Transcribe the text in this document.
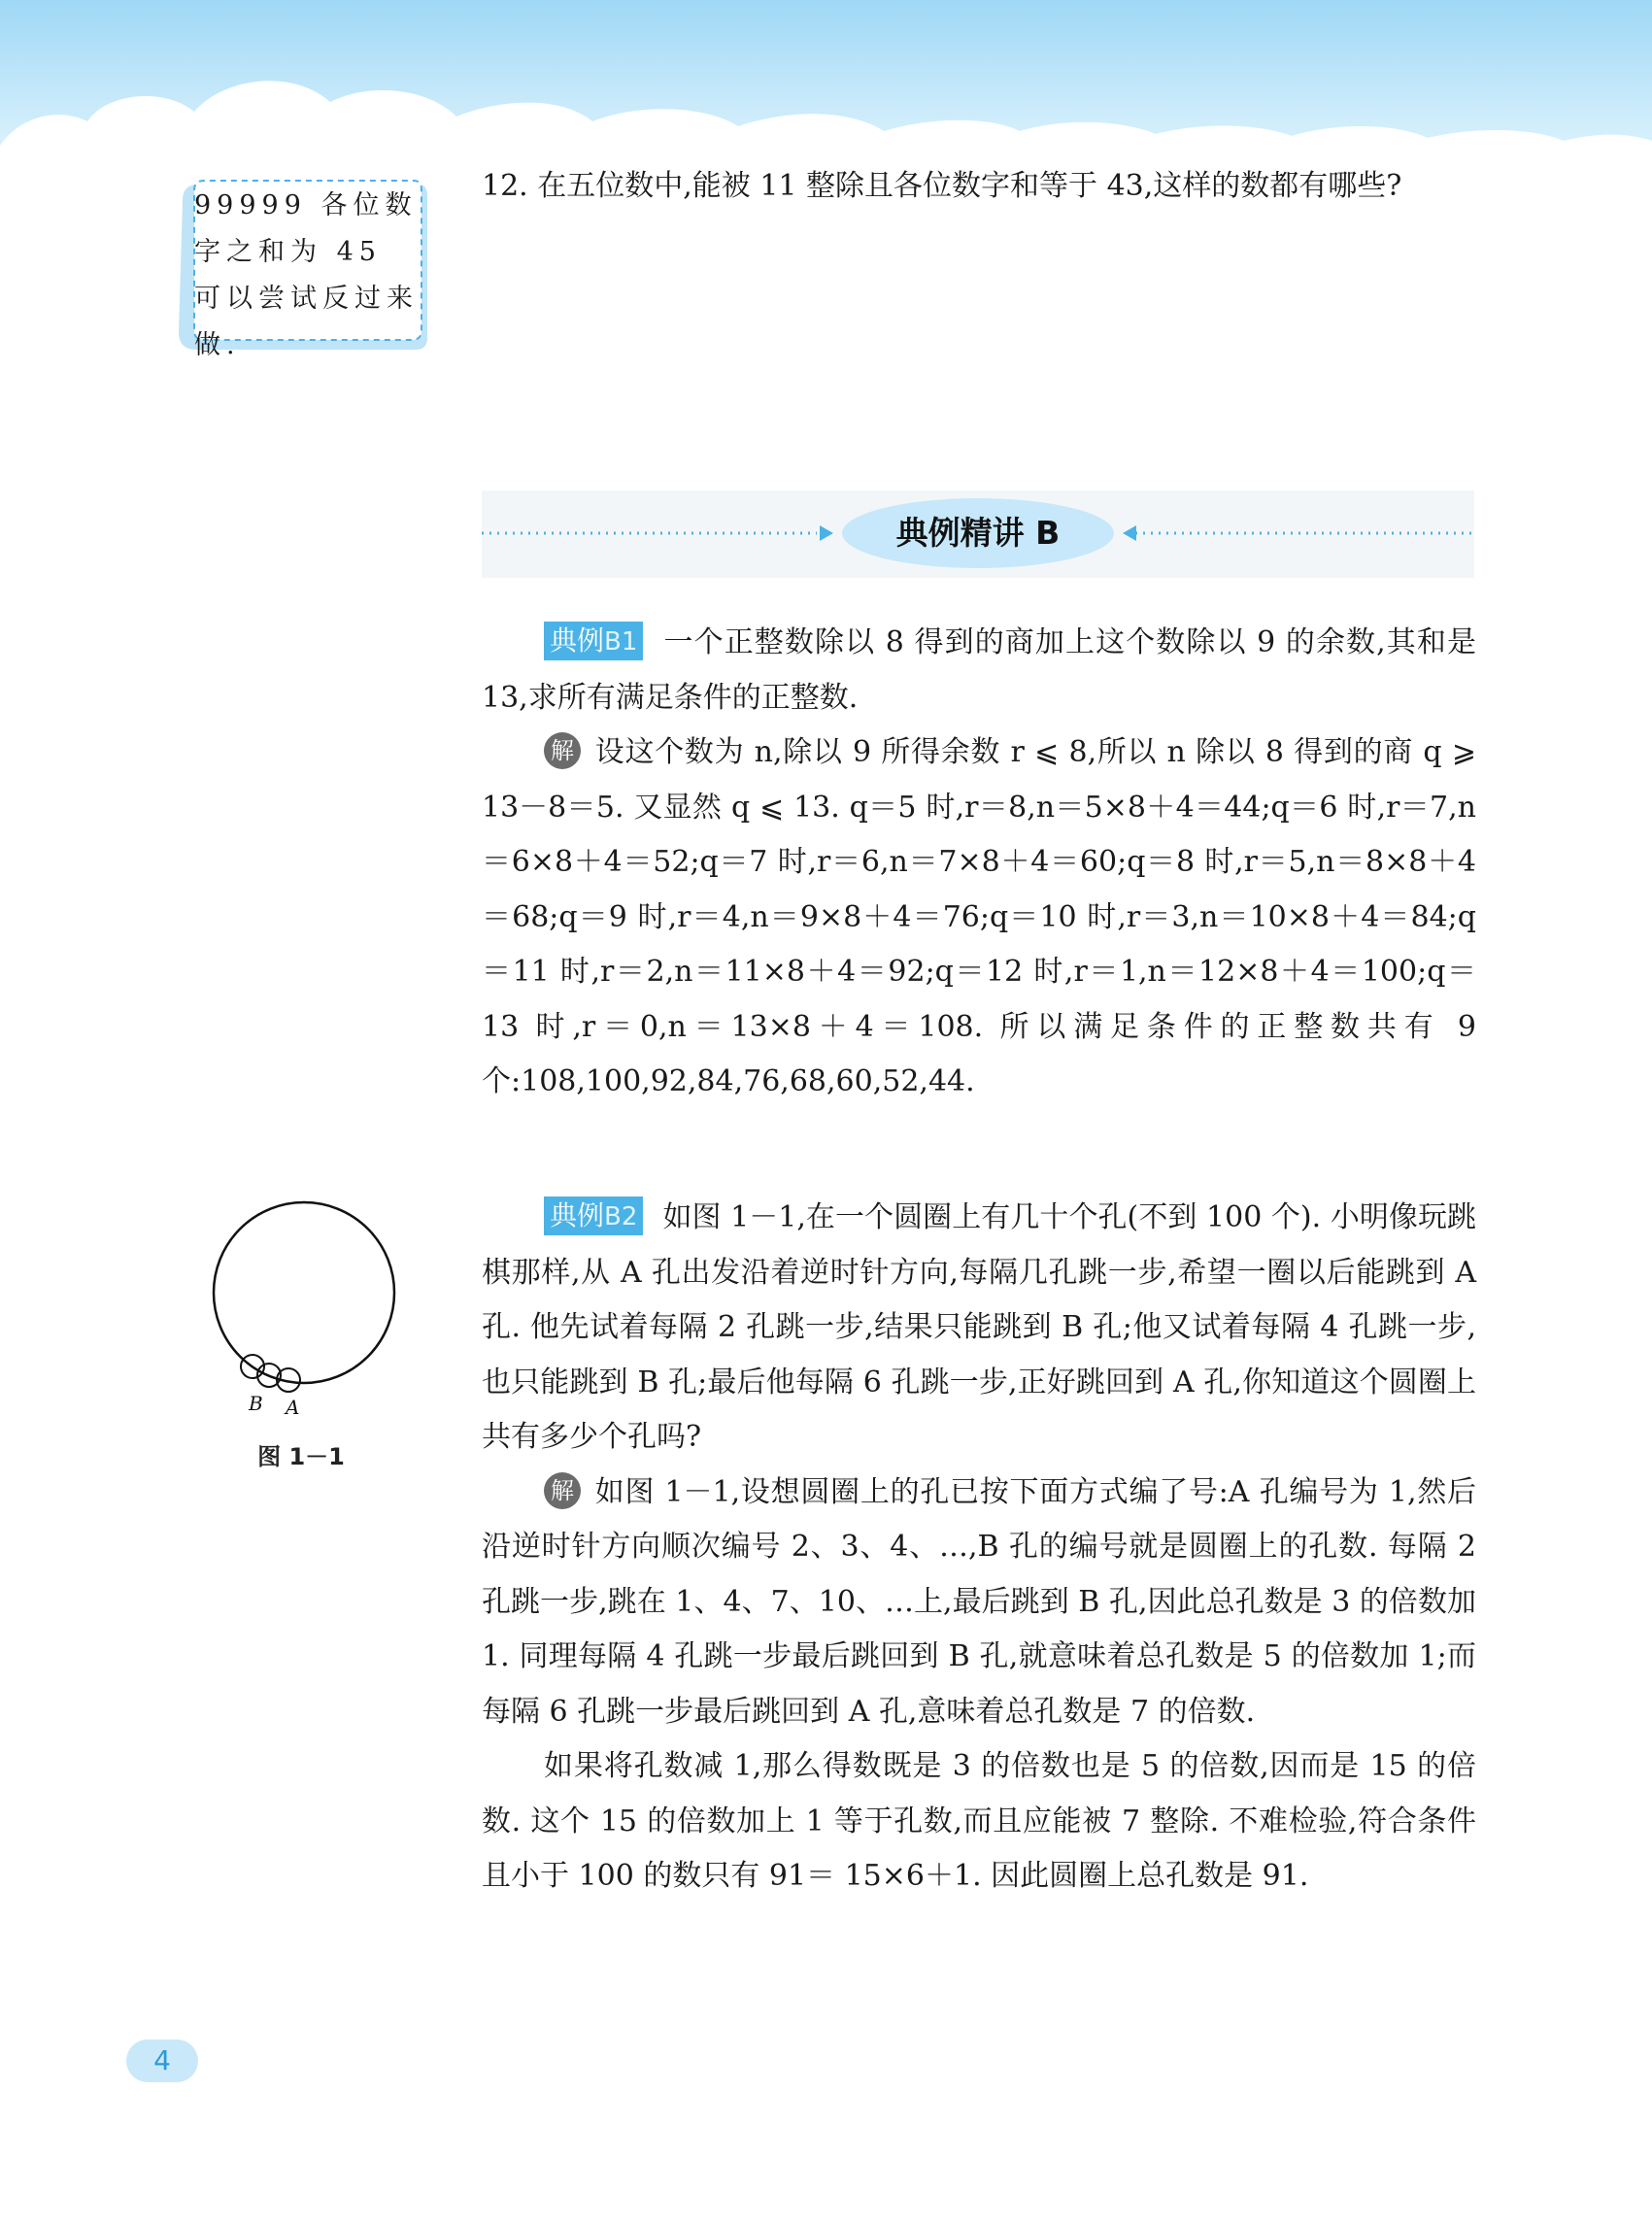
99999 各位数字之和为 45 可以尝试反过来做.
12. 在五位数中,能被 11 整除且各位数字和等于 43,这样的数都有哪些?
典例精讲 B

典例B1 一个正整数除以 8 得到的商加上这个数除以 9 的余数,其和是 13,求所有满足条件的正整数.

解 设这个数为 n,除以 9 所得余数 r ⩽ 8,所以 n 除以 8 得到的商 q ⩾ 13－8＝5. 又显然 q ⩽ 13. q＝5 时,r＝8,n＝5×8＋4＝44;q＝6 时,r＝7,n＝6×8＋4＝52;q＝7 时,r＝6,n＝7×8＋4＝60;q＝8 时,r＝5,n＝8×8＋4＝68;q＝9 时,r＝4,n＝9×8＋4＝76;q＝10 时,r＝3,n＝10×8＋4＝84;q＝11 时,r＝2,n＝11×8＋4＝92;q＝12 时,r＝1,n＝12×8＋4＝100;q＝13 时,r＝0,n＝13×8＋4＝108. 所以满足条件的正整数共有 9 个:108,100,92,84,76,68,60,52,44.

B A
图 1－1

典例B2 如图 1－1,在一个圆圈上有几十个孔(不到 100 个). 小明像玩跳棋那样,从 A 孔出发沿着逆时针方向,每隔几孔跳一步,希望一圈以后能跳到 A 孔. 他先试着每隔 2 孔跳一步,结果只能跳到 B 孔;他又试着每隔 4 孔跳一步,也只能跳到 B 孔;最后他每隔 6 孔跳一步,正好跳回到 A 孔,你知道这个圆圈上共有多少个孔吗?

解 如图 1－1,设想圆圈上的孔已按下面方式编了号:A 孔编号为 1,然后沿逆时针方向顺次编号 2、3、4、…,B 孔的编号就是圆圈上的孔数. 每隔 2 孔跳一步,跳在 1、4、7、10、…上,最后跳到 B 孔,因此总孔数是 3 的倍数加 1. 同理每隔 4 孔跳一步最后跳回到 B 孔,就意味着总孔数是 5 的倍数加 1;而每隔 6 孔跳一步最后跳回到 A 孔,意味着总孔数是 7 的倍数.

如果将孔数减 1,那么得数既是 3 的倍数也是 5 的倍数,因而是 15 的倍数. 这个 15 的倍数加上 1 等于孔数,而且应能被 7 整除. 不难检验,符合条件且小于 100 的数只有 91＝ 15×6＋1. 因此圆圈上总孔数是 91.

4
